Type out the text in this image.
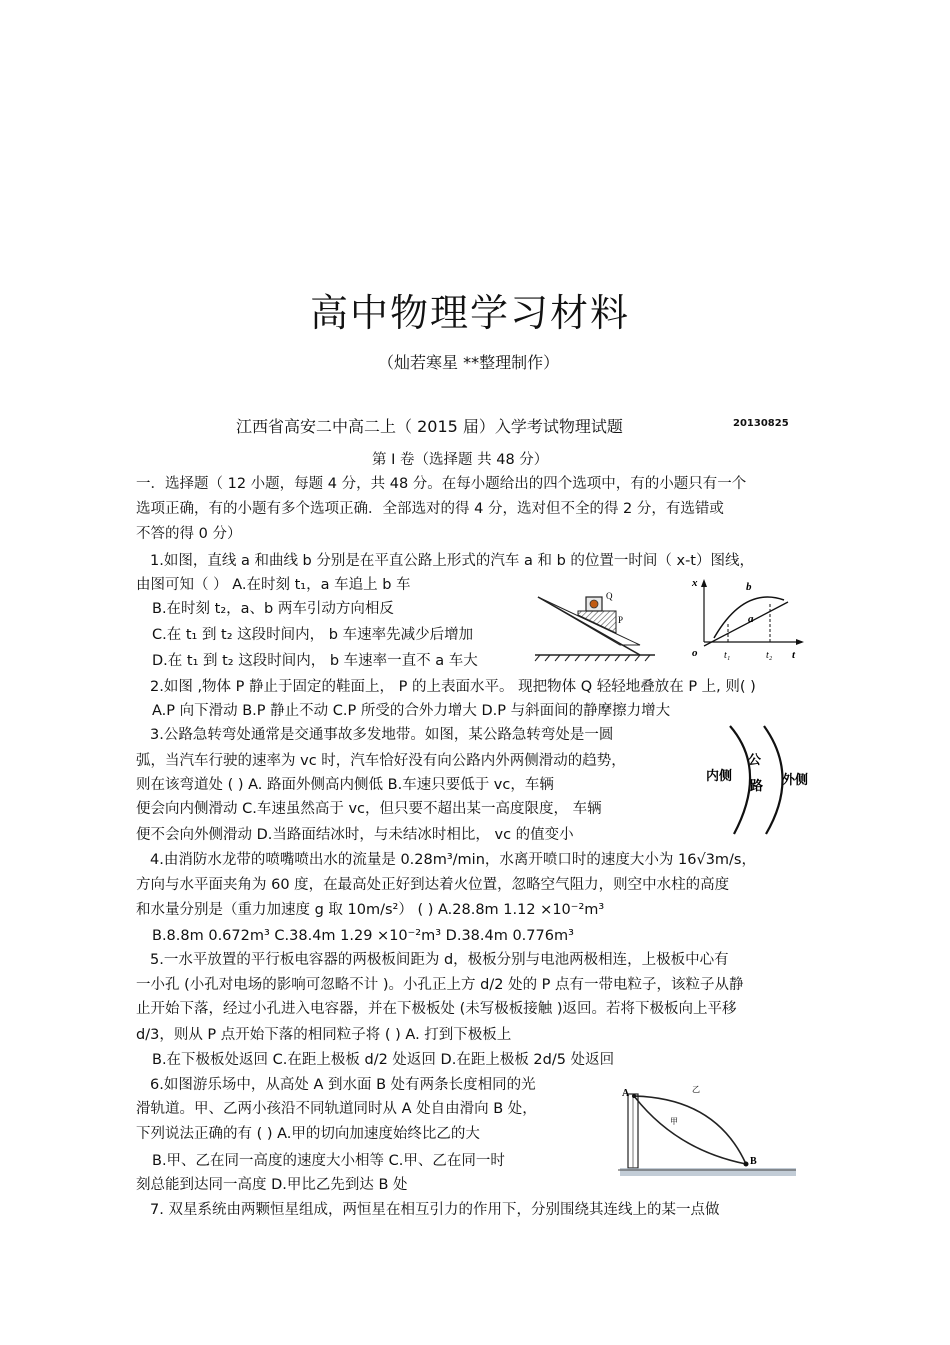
高中物理学习材料
（灿若寒星 **整理制作）
江西省高安二中高二上（ 2015 届）入学考试物理试题	20130825
第 I 卷（选择题 共 48 分）
一．选择题（ 12 小题，每题 4 分，共 48 分。在每小题给出的四个选项中，有的小题只有一个
选项正确，有的小题有多个选项正确．全部选对的得 4 分，选对但不全的得 2 分，有选错或
不答的得 0 分）
1.如图，直线 a 和曲线 b 分别是在平直公路上形式的汽车 a 和 b 的位置一时间（ x-t）图线，
由图可知（ ） A.在时刻 t₁，a 车追上 b 车
B.在时刻 t₂，a、b 两车引动方向相反
C.在 t₁ 到 t₂ 这段时间内， b 车速率先减少后增加
D.在 t₁ 到 t₂ 这段时间内， b 车速率一直不 a 车大
2.如图 ,物体 P 静止于固定的鞋面上， P 的上表面水平。 现把物体 Q 轻轻地叠放在 P 上, 则( )
A.P 向下滑动 B.P 静止不动 C.P 所受的合外力增大 D.P 与斜面间的静摩擦力增大
3.公路急转弯处通常是交通事故多发地带。如图，某公路急转弯处是一圆
弧，当汽车行驶的速率为 vc 时，汽车恰好没有向公路内外两侧滑动的趋势，
则在该弯道处 ( ) A. 路面外侧高内侧低 B.车速只要低于 vc，车辆
便会向内侧滑动 C.车速虽然高于 vc，但只要不超出某一高度限度， 车辆
便不会向外侧滑动 D.当路面结冰时，与未结冰时相比， vc 的值变小
4.由消防水龙带的喷嘴喷出水的流量是 0.28m³/min，水离开喷口时的速度大小为 16√3m/s，
方向与水平面夹角为 60 度，在最高处正好到达着火位置，忽略空气阻力，则空中水柱的高度
和水量分别是（重力加速度 g 取 10m/s²） ( ) A.28.8m 1.12 ×10⁻²m³
B.8.8m 0.672m³ C.38.4m 1.29 ×10⁻²m³ D.38.4m 0.776m³
5.一水平放置的平行板电容器的两极板间距为 d，极板分别与电池两极相连，上极板中心有
一小孔 (小孔对电场的影响可忽略不计 )。小孔正上方 d/2 处的 P 点有一带电粒子，该粒子从静
止开始下落，经过小孔进入电容器，并在下极板处 (未写极板接触 )返回。若将下极板向上平移
d/3，则从 P 点开始下落的相同粒子将 ( ) A. 打到下极板上
B.在下极板处返回 C.在距上极板 d/2 处返回 D.在距上极板 2d/5 处返回
6.如图游乐场中，从高处 A 到水面 B 处有两条长度相同的光
滑轨道。甲、乙两小孩沿不同轨道同时从 A 处自由滑向 B 处，
下列说法正确的有 ( ) A.甲的切向加速度始终比乙的大
B.甲、乙在同一高度的速度大小相等 C.甲、乙在同一时
刻总能到达同一高度 D.甲比乙先到达 B 处
7. 双星系统由两颗恒星组成，两恒星在相互引力的作用下，分别围绕其连线上的某一点做
Q
P
x
t
o	t₁	t₂
a
b
内侧	外侧
公
路
A
B
甲
乙
